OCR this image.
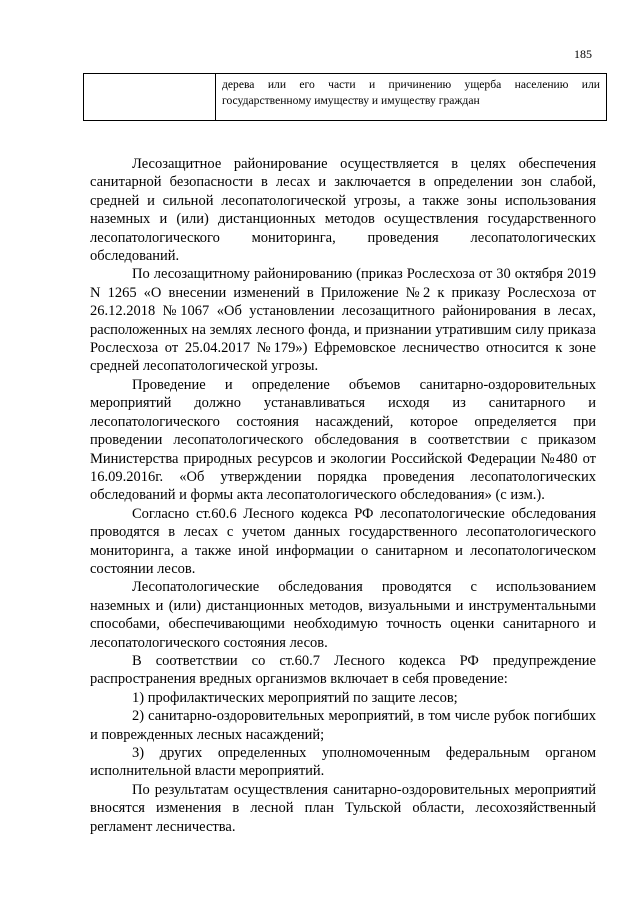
185
	дерева или его части и причинению ущерба населению или государственному имуществу и имуществу граждан

Лесозащитное районирование осуществляется в целях обеспечения санитарной безопасности в лесах и заключается в определении зон слабой, средней и сильной лесопатологической угрозы, а также зоны использования наземных и (или) дистанционных методов осуществления государственного лесопатологического мониторинга, проведения лесопатологических обследований.

По лесозащитному районированию (приказ Рослесхоза от 30 октября 2019 N 1265 «О внесении изменений в Приложение №2 к приказу Рослесхоза от 26.12.2018 №1067 «Об установлении лесозащитного районирования в лесах, расположенных на землях лесного фонда, и признании утратившим силу приказа Рослесхоза от 25.04.2017 №179») Ефремовское лесничество относится к зоне средней лесопатологической угрозы.

Проведение и определение объемов санитарно-оздоровительных мероприятий должно устанавливаться исходя из санитарного и лесопатологического состояния насаждений, которое определяется при проведении лесопатологического обследования в соответствии с приказом Министерства природных ресурсов и экологии Российской Федерации №480 от 16.09.2016г. «Об утверждении порядка проведения лесопатологических обследований и формы акта лесопатологического обследования» (с изм.).

Согласно ст.60.6 Лесного кодекса РФ лесопатологические обследования проводятся в лесах с учетом данных государственного лесопатологического мониторинга, а также иной информации о санитарном и лесопатологическом состоянии лесов.

Лесопатологические обследования проводятся с использованием наземных и (или) дистанционных методов, визуальными и инструментальными способами, обеспечивающими необходимую точность оценки санитарного и лесопатологического состояния лесов.

В соответствии со ст.60.7 Лесного кодекса РФ предупреждение распространения вредных организмов включает в себя проведение:

1) профилактических мероприятий по защите лесов;

2) санитарно-оздоровительных мероприятий, в том числе рубок погибших и поврежденных лесных насаждений;

3) других определенных уполномоченным федеральным органом исполнительной власти мероприятий.

По результатам осуществления санитарно-оздоровительных мероприятий вносятся изменения в лесной план Тульской области, лесохозяйственный регламент лесничества.
